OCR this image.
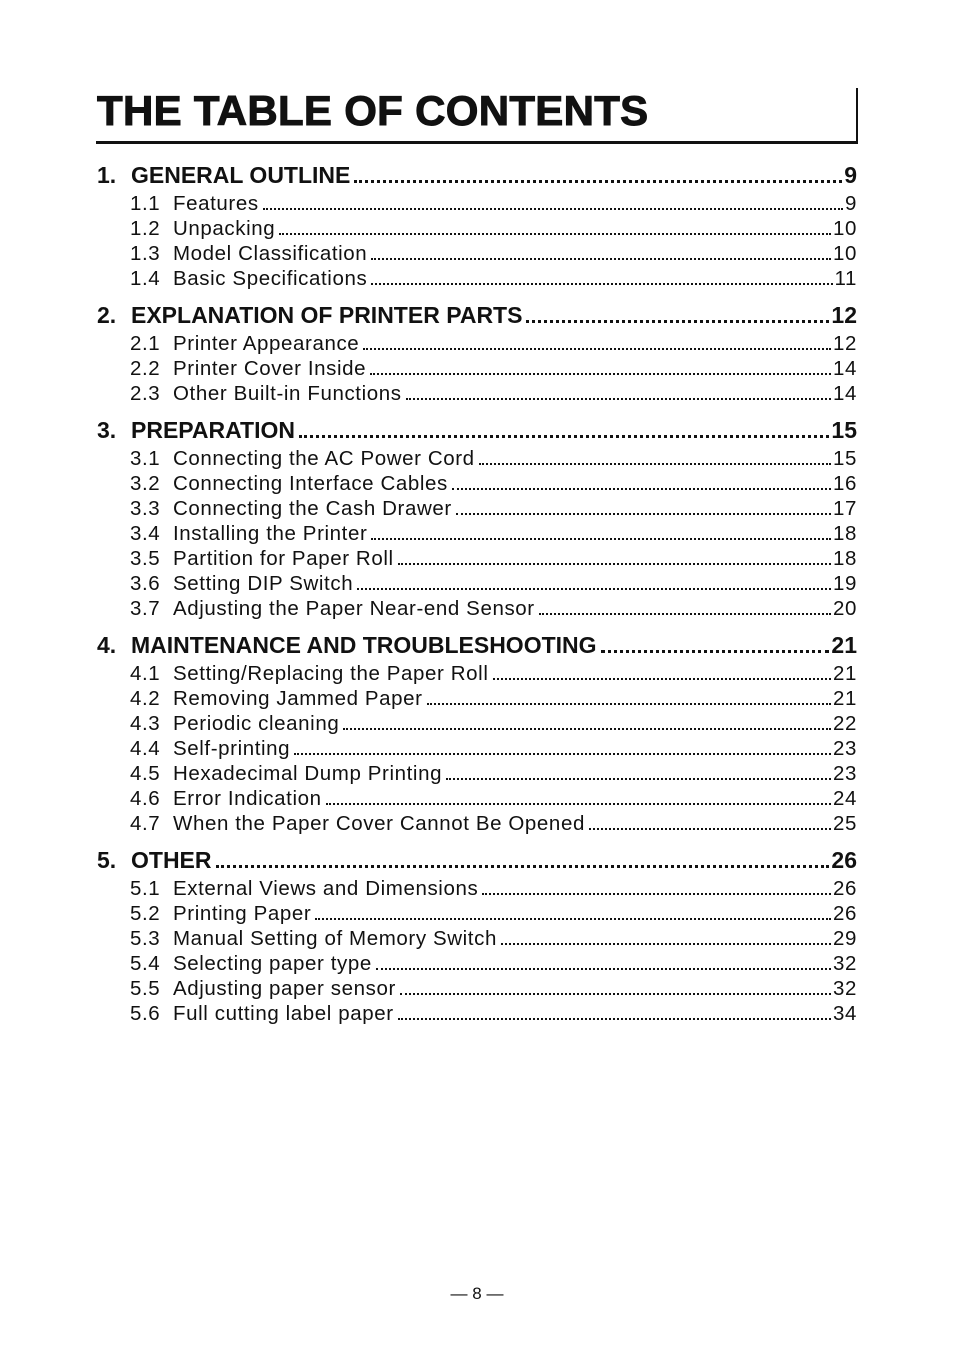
THE TABLE OF CONTENTS
1. GENERAL OUTLINE	9
1.1 Features	9
1.2 Unpacking	10
1.3 Model Classification	10
1.4 Basic Specifications	11
2. EXPLANATION OF PRINTER PARTS	12
2.1 Printer Appearance	12
2.2 Printer Cover Inside	14
2.3 Other Built-in Functions	14
3. PREPARATION	15
3.1 Connecting the AC Power Cord	15
3.2 Connecting Interface Cables	16
3.3 Connecting the Cash Drawer	17
3.4 Installing the Printer	18
3.5 Partition for Paper Roll	18
3.6 Setting DIP Switch	19
3.7 Adjusting the Paper Near-end Sensor	20
4. MAINTENANCE AND TROUBLESHOOTING	21
4.1 Setting/Replacing the Paper Roll	21
4.2 Removing Jammed Paper	21
4.3 Periodic cleaning	22
4.4 Self-printing	23
4.5 Hexadecimal Dump Printing	23
4.6 Error Indication	24
4.7 When the Paper Cover Cannot Be Opened	25
5. OTHER	26
5.1 External Views and Dimensions	26
5.2 Printing Paper	26
5.3 Manual Setting of Memory Switch	29
5.4 Selecting paper type	32
5.5 Adjusting paper sensor	32
5.6 Full cutting label paper	34
— 8 —
